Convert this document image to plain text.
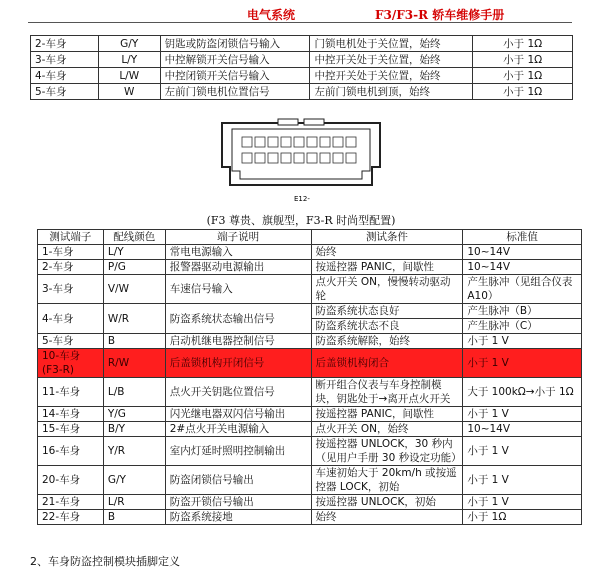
电气系统	F3/F3-R 轿车维修手册
2-车身	G/Y	钥匙或防盗闭锁信号输入	门锁电机处于关位置，始终	小于 1Ω
3-车身	L/Y	中控解锁开关信号输入	中控开关处于关位置，始终	小于 1Ω
4-车身	L/W	中控闭锁开关信号输入	中控开关处于关位置，始终	小于 1Ω
5-车身	W	左前门锁电机位置信号	左前门锁电机到顶，始终	小于 1Ω
E12-
(F3 尊贵、旗舰型，F3-R 时尚型配置)
测试端子	配线颜色	端子说明	测试条件	标准值
1-车身	L/Y	常电电源输入	始终	10~14V
2-车身	P/G	报警器驱动电源输出	按遥控器 PANIC，间歇性	10~14V
3-车身	V/W	车速信号输入	点火开关 ON，慢慢转动驱动轮	产生脉冲（见组合仪表 A10）
4-车身	W/R	防盗系统状态输出信号	防盗系统状态良好	产生脉冲（B）
			防盗系统状态不良	产生脉冲（C）
5-车身	B	启动机继电器控制信号	防盗系统解除，始终	小于 1 V
10-车身 (F3-R)	R/W	后盖锁机构开闭信号	后盖锁机构闭合	小于 1 V
11-车身	L/B	点火开关钥匙位置信号	断开组合仪表与车身控制模块，钥匙处于→离开点火开关	大于 100kΩ→小于 1Ω
14-车身	Y/G	闪光继电器双闪信号输出	按遥控器 PANIC，间歇性	小于 1 V
15-车身	B/Y	2#点火开关电源输入	点火开关 ON，始终	10~14V
16-车身	Y/R	室内灯延时照明控制输出	按遥控器 UNLOCK，30 秒内（见用户手册 30 秒设定功能）	小于 1 V
20-车身	G/Y	防盗闭锁信号输出	车速初始大于 20km/h 或按遥控器 LOCK，初始	小于 1 V
21-车身	L/R	防盗开锁信号输出	按遥控器 UNLOCK，初始	小于 1 V
22-车身	B	防盗系统接地	始终	小于 1Ω
2、车身防盗控制模块插脚定义
